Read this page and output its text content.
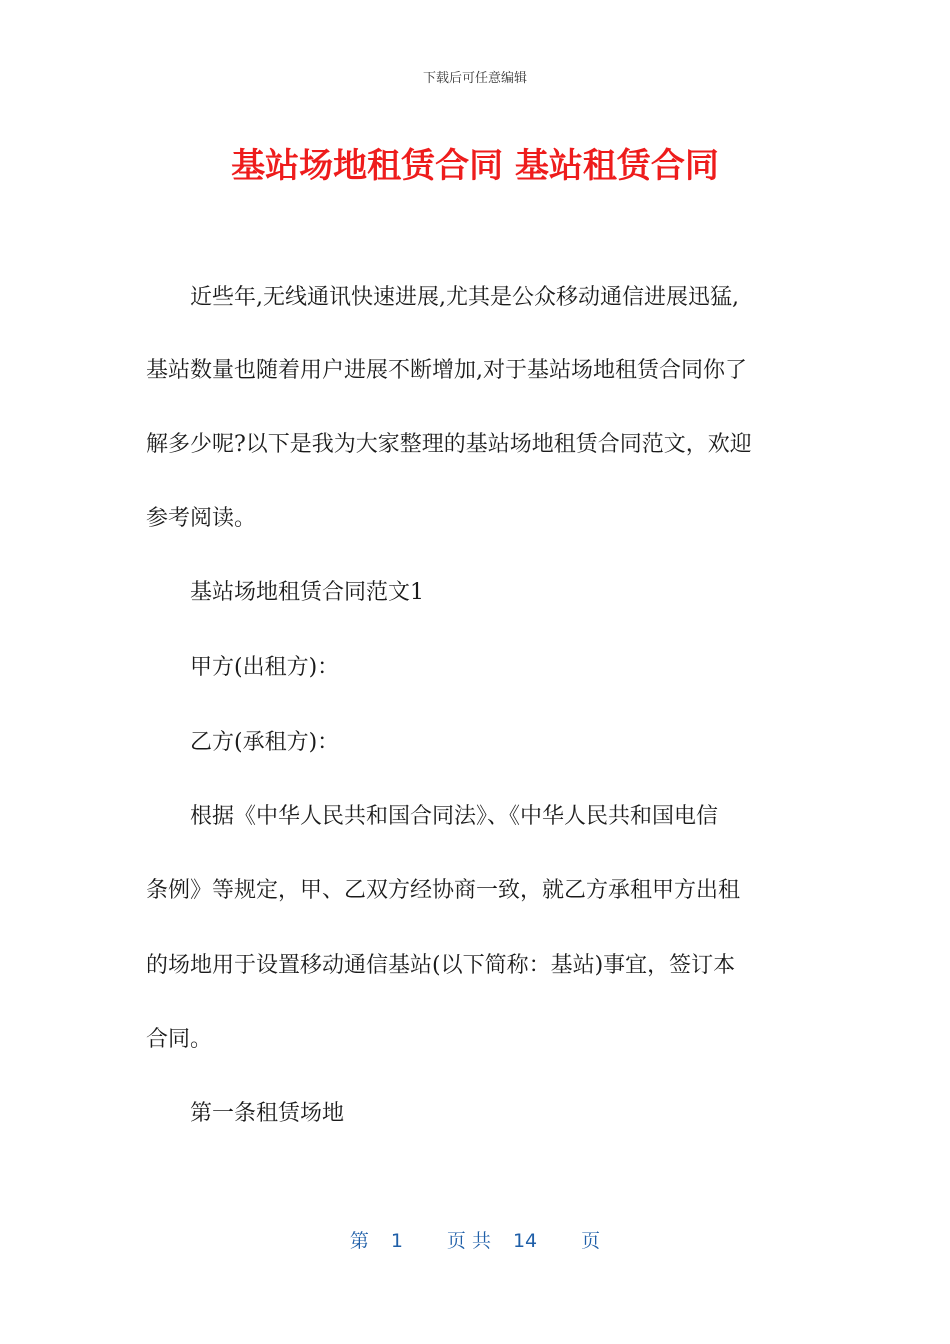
下载后可任意编辑
基站场地租赁合同 基站租赁合同

　　近些年,无线通讯快速进展,尤其是公众移动通信进展迅猛,

基站数量也随着用户进展不断增加,对于基站场地租赁合同你了

解多少呢?以下是我为大家整理的基站场地租赁合同范文，欢迎

参考阅读。

　　基站场地租赁合同范文1

　　甲方(出租方)：

　　乙方(承租方)：

　　根据《中华人民共和国合同法》、《中华人民共和国电信

条例》等规定，甲、乙双方经协商一致，就乙方承租甲方出租

的场地用于设置移动通信基站(以下简称：基站)事宜，签订本

合同。

　　第一条租赁场地

第 1 页 共 14 页
